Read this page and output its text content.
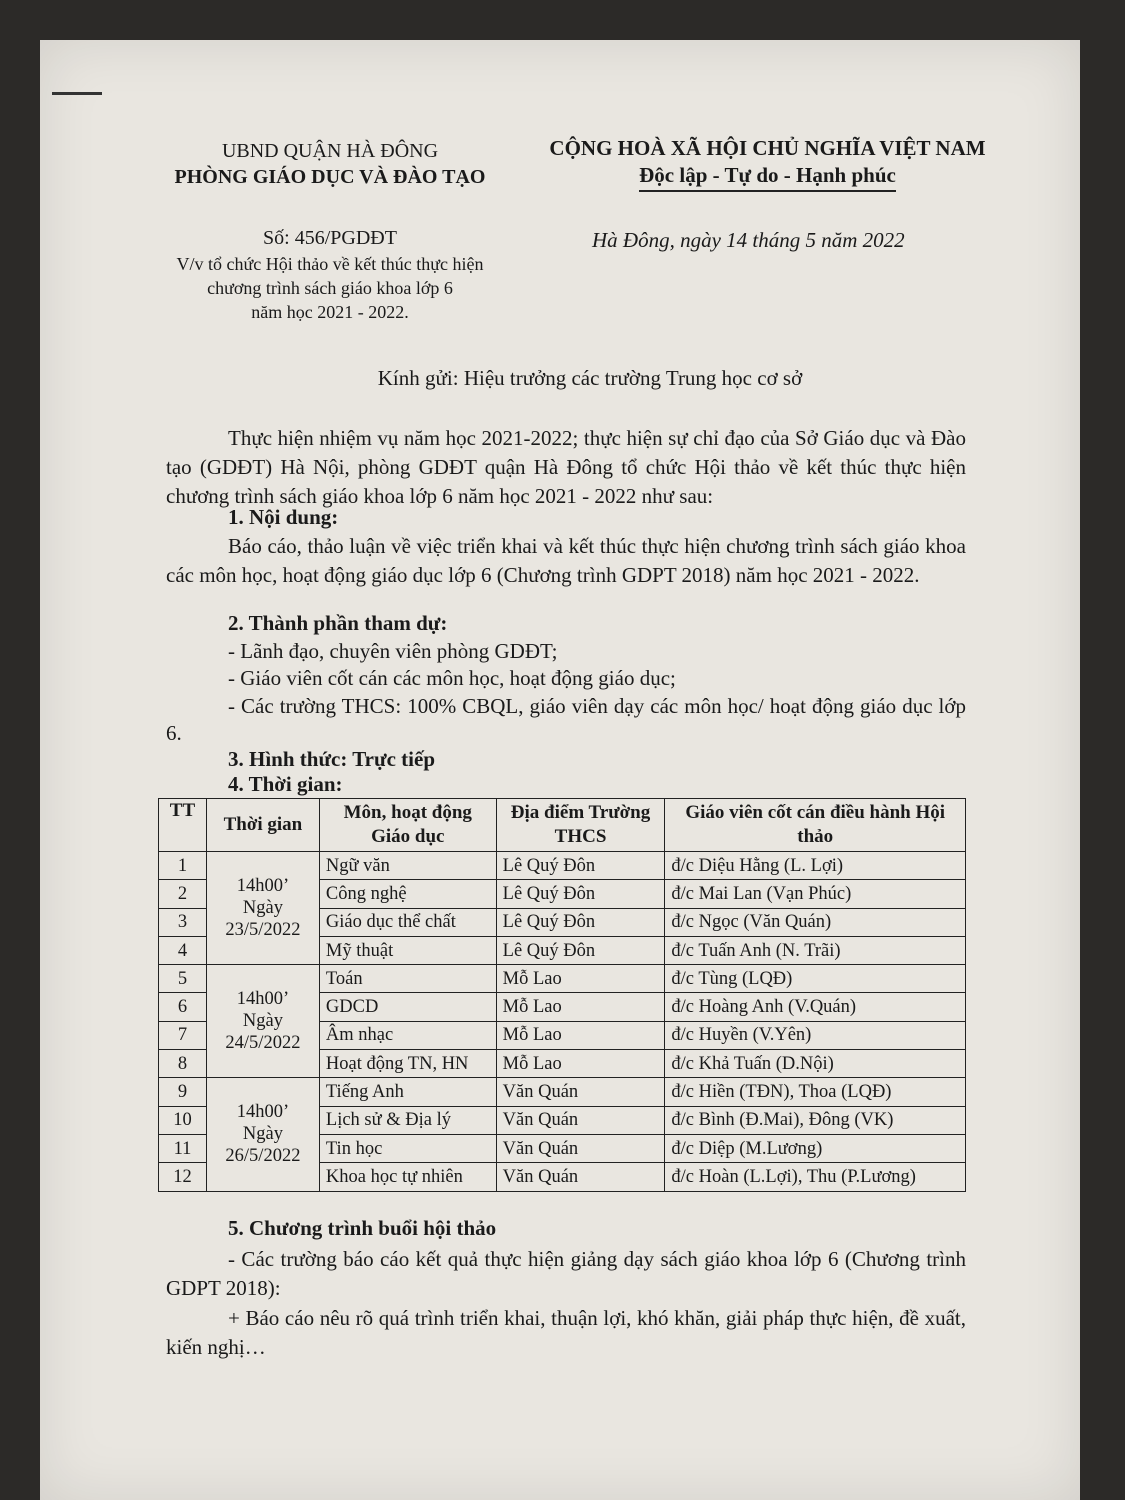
UBND QUẬN HÀ ĐÔNG
PHÒNG GIÁO DỤC VÀ ĐÀO TẠO
Số: 456/PGDĐT
V/v tổ chức Hội thảo về kết thúc thực hiện
chương trình sách giáo khoa lớp 6
năm học 2021 - 2022.
CỘNG HOÀ XÃ HỘI CHỦ NGHĨA VIỆT NAM
Độc lập - Tự do - Hạnh phúc
Hà Đông, ngày 14 tháng 5 năm 2022
Kính gửi: Hiệu trưởng các trường Trung học cơ sở
Thực hiện nhiệm vụ năm học 2021-2022; thực hiện sự chỉ đạo của Sở Giáo dục và Đào tạo (GDĐT) Hà Nội, phòng GDĐT quận Hà Đông tổ chức Hội thảo về kết thúc thực hiện chương trình sách giáo khoa lớp 6 năm học 2021 - 2022 như sau:
1. Nội dung:
Báo cáo, thảo luận về việc triển khai và kết thúc thực hiện chương trình sách giáo khoa các môn học, hoạt động giáo dục lớp 6 (Chương trình GDPT 2018) năm học 2021 - 2022.
2. Thành phần tham dự:
- Lãnh đạo, chuyên viên phòng GDĐT;
- Giáo viên cốt cán các môn học, hoạt động giáo dục;
- Các trường THCS: 100% CBQL, giáo viên dạy các môn học/ hoạt động giáo dục lớp 6.
3. Hình thức: Trực tiếp
4. Thời gian:
TT	Thời gian	Môn, hoạt động Giáo dục	Địa điểm Trường THCS	Giáo viên cốt cán điều hành Hội thảo
1	14h00’
Ngày
23/5/2022	Ngữ văn	Lê Quý Đôn	đ/c Diệu Hằng (L. Lợi)
2		Công nghệ	Lê Quý Đôn	đ/c Mai Lan (Vạn Phúc)
3		Giáo dục thể chất	Lê Quý Đôn	đ/c Ngọc (Văn Quán)
4		Mỹ thuật	Lê Quý Đôn	đ/c Tuấn Anh (N. Trãi)
5	14h00’
Ngày
24/5/2022	Toán	Mỗ Lao	đ/c Tùng (LQĐ)
6		GDCD	Mỗ Lao	đ/c Hoàng Anh (V.Quán)
7		Âm nhạc	Mỗ Lao	đ/c Huyền (V.Yên)
8		Hoạt động TN, HN	Mỗ Lao	đ/c Khả Tuấn (D.Nội)
9	14h00’
Ngày
26/5/2022	Tiếng Anh	Văn Quán	đ/c Hiền (TĐN), Thoa (LQĐ)
10		Lịch sử & Địa lý	Văn Quán	đ/c Bình (Đ.Mai), Đông (VK)
11		Tin học	Văn Quán	đ/c Diệp (M.Lương)
12		Khoa học tự nhiên	Văn Quán	đ/c Hoàn (L.Lợi), Thu (P.Lương)
5. Chương trình buổi hội thảo
- Các trường báo cáo kết quả thực hiện giảng dạy sách giáo khoa lớp 6 (Chương trình GDPT 2018):
+ Báo cáo nêu rõ quá trình triển khai, thuận lợi, khó khăn, giải pháp thực hiện, đề xuất, kiến nghị…
